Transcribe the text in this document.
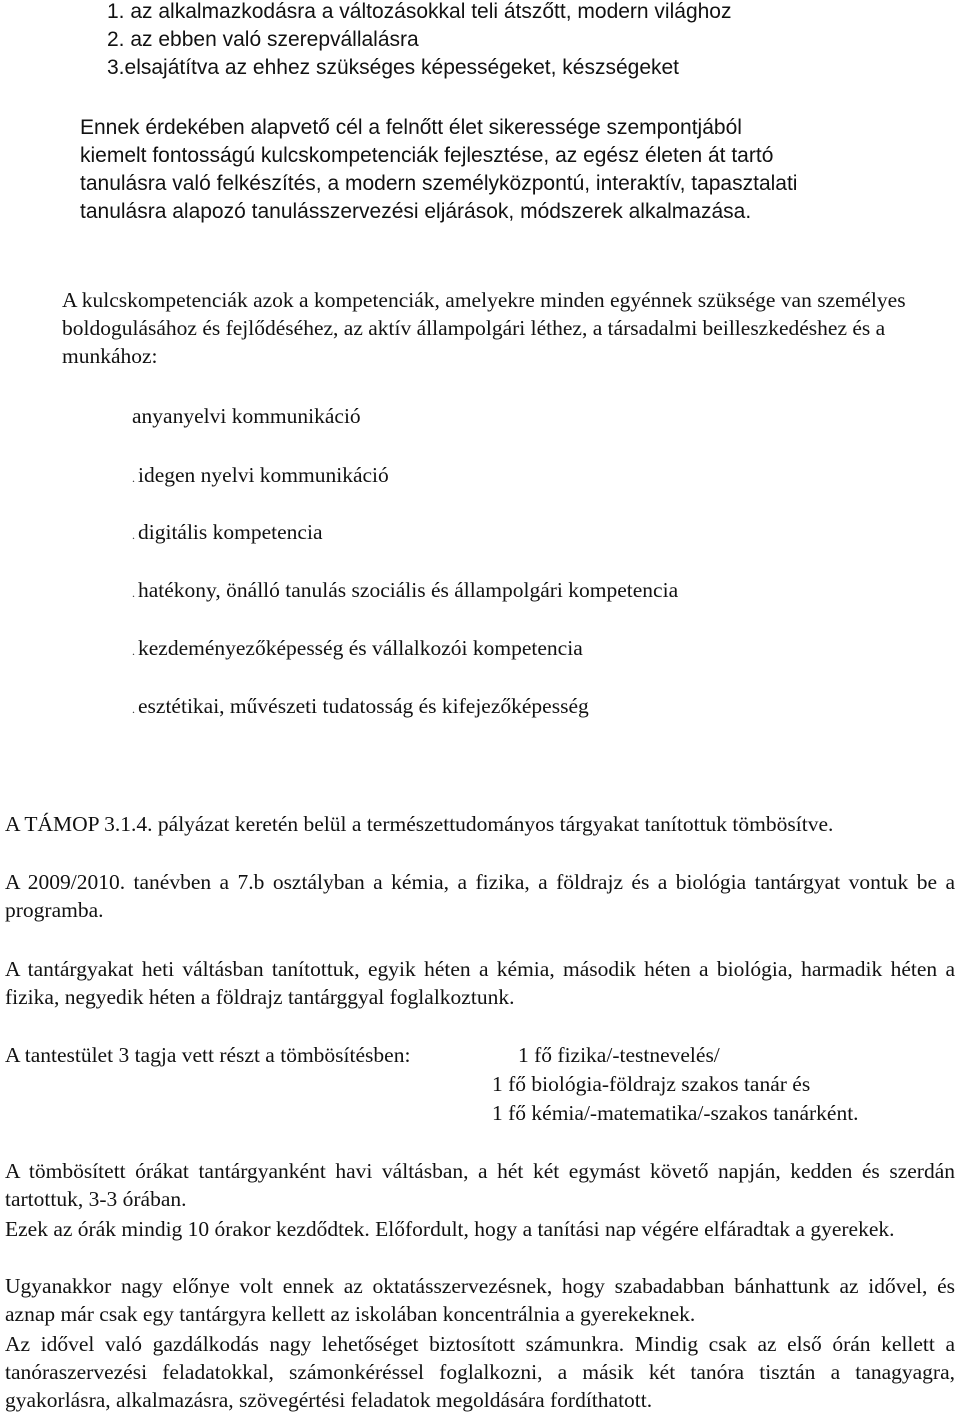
1. az alkalmazkodásra a változásokkal teli átszőtt, modern világhoz
2. az ebben való szerepvállalásra
3.elsajátítva az ehhez szükséges képességeket, készségeket

Ennek érdekében alapvető cél a felnőtt élet sikeressége szempontjából kiemelt fontosságú kulcskompetenciák fejlesztése, az egész életen át tartó tanulásra való felkészítés, a modern személyközpontú, interaktív, tapasztalati tanulásra alapozó tanulásszervezési eljárások, módszerek alkalmazása.

A kulcskompetenciák azok a kompetenciák, amelyekre minden egyénnek szüksége van személyes boldogulásához és fejlődéséhez, az aktív állampolgári léthez, a társadalmi beilleszkedéshez és a munkához:

anyanyelvi kommunikáció
. idegen nyelvi kommunikáció
. digitális kompetencia
. hatékony, önálló tanulás szociális és állampolgári kompetencia
. kezdeményezőképesség és vállalkozói kompetencia
. esztétikai, művészeti tudatosság és kifejezőképesség

A TÁMOP 3.1.4. pályázat keretén belül a természettudományos tárgyakat tanítottuk tömbösítve.

A 2009/2010. tanévben a 7.b osztályban a kémia, a fizika, a földrajz és a biológia tantárgyat vontuk be a programba.

A tantárgyakat heti váltásban tanítottuk, egyik héten a kémia, második héten a biológia, harmadik héten a fizika, negyedik héten a földrajz tantárggyal foglalkoztunk.

A tantestület 3 tagja vett részt a tömbösítésben:	1 fő fizika/-testnevelés/
1 fő biológia-földrajz szakos tanár és
1 fő kémia/-matematika/-szakos tanárként.

A tömbösített órákat tantárgyanként havi váltásban, a hét két egymást követő napján, kedden és szerdán tartottuk, 3-3 órában.

Ezek az órák mindig 10 órakor kezdődtek. Előfordult, hogy a tanítási nap végére elfáradtak a gyerekek.

Ugyanakkor nagy előnye volt ennek az oktatásszervezésnek, hogy szabadabban bánhattunk az idővel, és aznap már csak egy tantárgyra kellett az iskolában koncentrálnia a gyerekeknek.

Az idővel való gazdálkodás nagy lehetőséget biztosított számunkra. Mindig csak az első órán kellett a tanóraszervezési feladatokkal, számonkéréssel foglalkozni, a másik két tanóra tisztán a tanagyagra, gyakorlásra, alkalmazásra, szövegértési feladatok megoldására fordíthatott.
